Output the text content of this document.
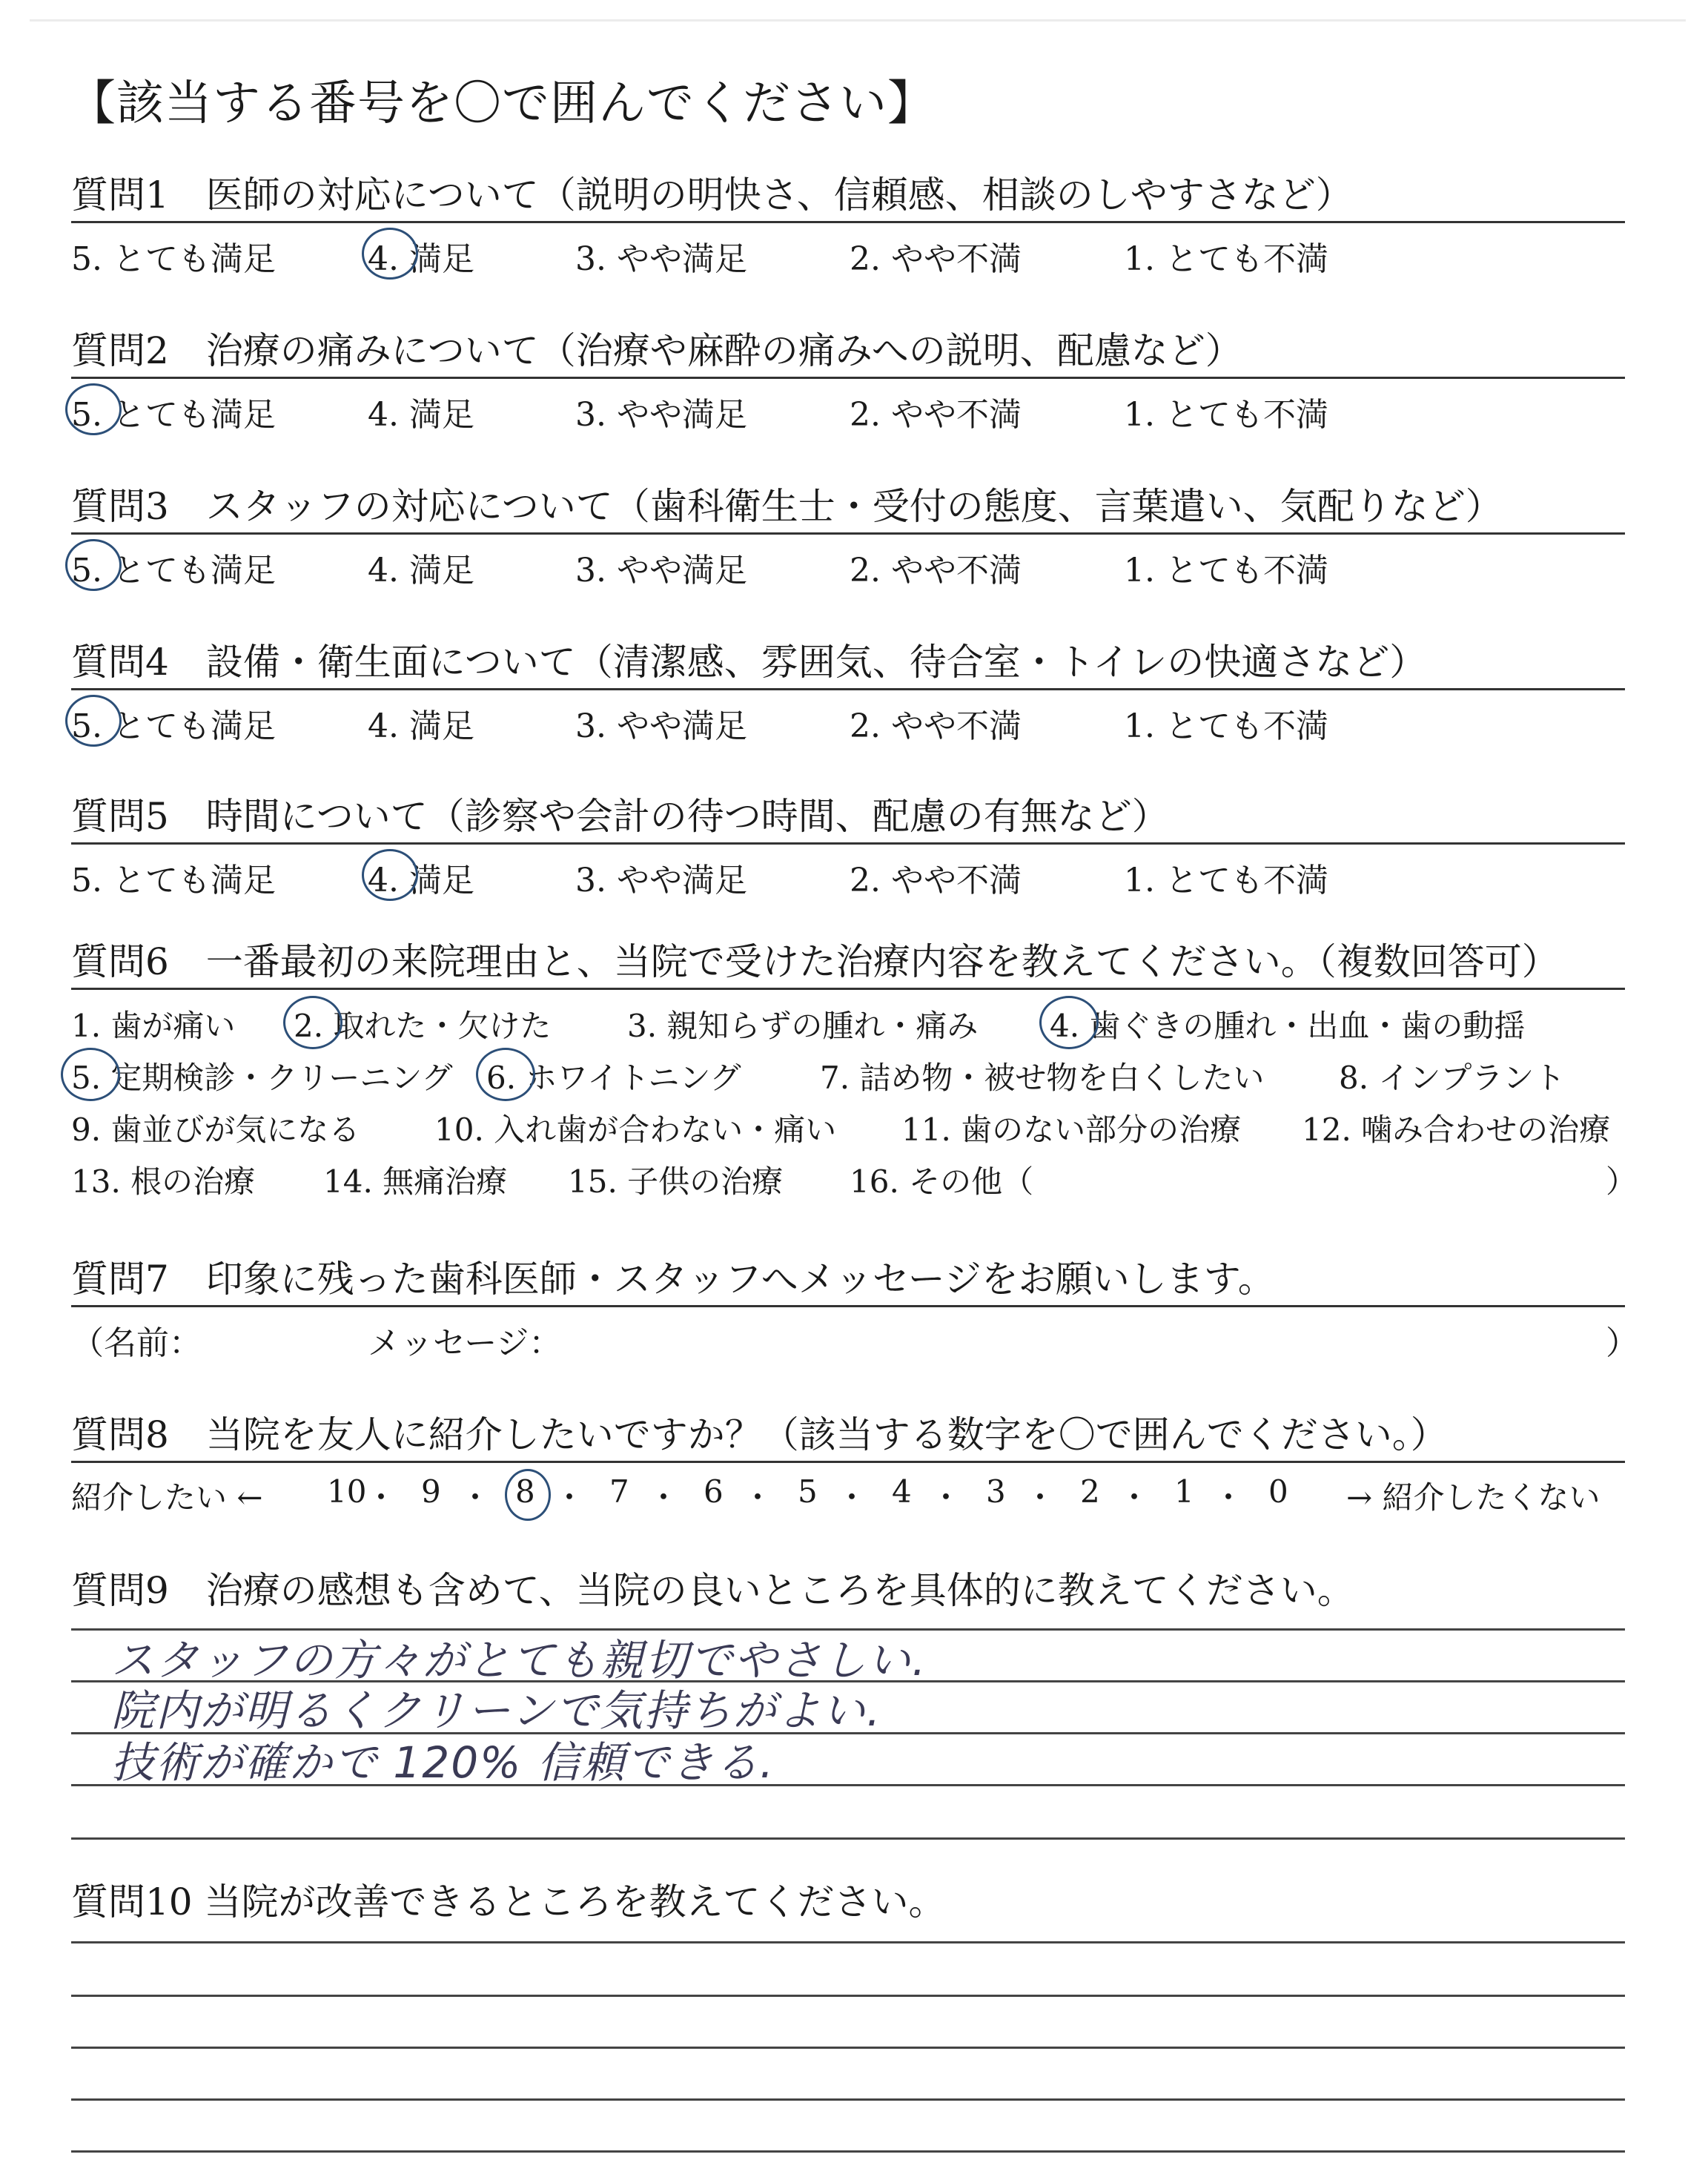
【該当する番号を〇で囲んでください】
質問1　医師の対応について（説明の明快さ、信頼感、相談のしやすさなど）
5. とても満足	4. 満足	3. やや満足	2. やや不満	1. とても不満
質問2　治療の痛みについて（治療や麻酔の痛みへの説明、配慮など）
5. とても満足	4. 満足	3. やや満足	2. やや不満	1. とても不満
質問3　スタッフの対応について（歯科衛生士・受付の態度、言葉遣い、気配りなど）
5. とても満足	4. 満足	3. やや満足	2. やや不満	1. とても不満
質問4　設備・衛生面について（清潔感、雰囲気、待合室・トイレの快適さなど）
5. とても満足	4. 満足	3. やや満足	2. やや不満	1. とても不満
質問5　時間について（診察や会計の待つ時間、配慮の有無など）
5. とても満足	4. 満足	3. やや満足	2. やや不満	1. とても不満
質問6　一番最初の来院理由と、当院で受けた治療内容を教えてください。（複数回答可）
1. 歯が痛い 2. 取れた・欠けた 3. 親知らずの腫れ・痛み 4. 歯ぐきの腫れ・出血・歯の動揺
5. 定期検診・クリーニング 6. ホワイトニング	7. 詰め物・被せ物を白くしたい 8. インプラント
9. 歯並びが気になる 10. 入れ歯が合わない・痛い 11. 歯のない部分の治療 12. 噛み合わせの治療
13. 根の治療 14. 無痛治療 15. 子供の治療 16. その他（	）
質問7　印象に残った歯科医師・スタッフへメッセージをお願いします。
（名前：	メッセージ：	）
質問8　当院を友人に紹介したいですか？（該当する数字を〇で囲んでください。）
紹介したい ←	→ 紹介したくない
10
・ 9 ・ 8 ・ 7 ・ 6 ・ 5 ・ 4 ・ 3 ・ 2 ・ 1 ・ 0
質問9　治療の感想も含めて、当院の良いところを具体的に教えてください。
スタッフの方々がとても親切でやさしい.
院内が明るくクリーンで気持ちがよい.
技術が確かで 120% 信頼できる.
質問10 当院が改善できるところを教えてください。
